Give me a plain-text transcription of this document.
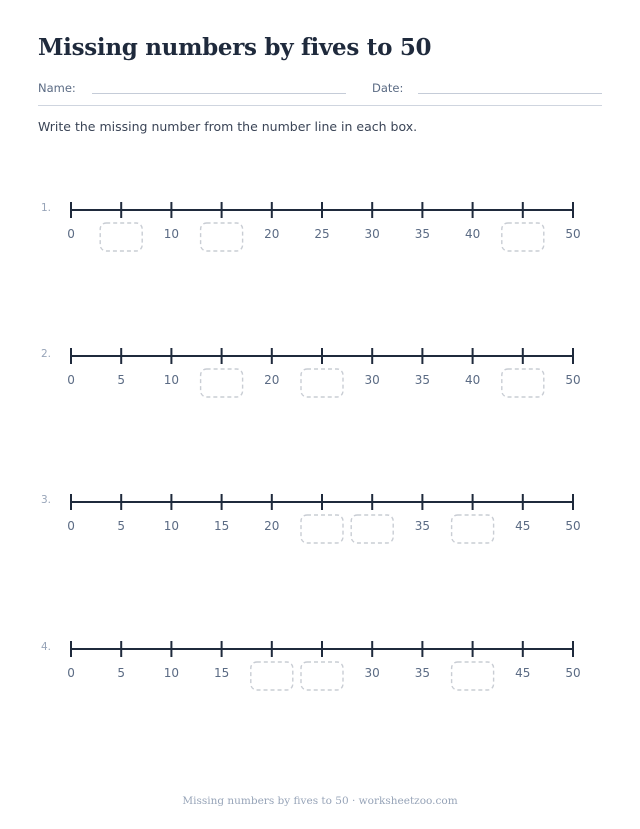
Missing numbers by fives to 50
Name:	Date:

Write the missing number from the number line in each box.

1.
0	10	20	25	30	35	40	50
2.
0	5	10	20	30	35	40	50
3.
0	5	10	15	20	35	45	50
4.
0	5	10	15	30	35	45	50

Missing numbers by fives to 50 · worksheetzoo.com
